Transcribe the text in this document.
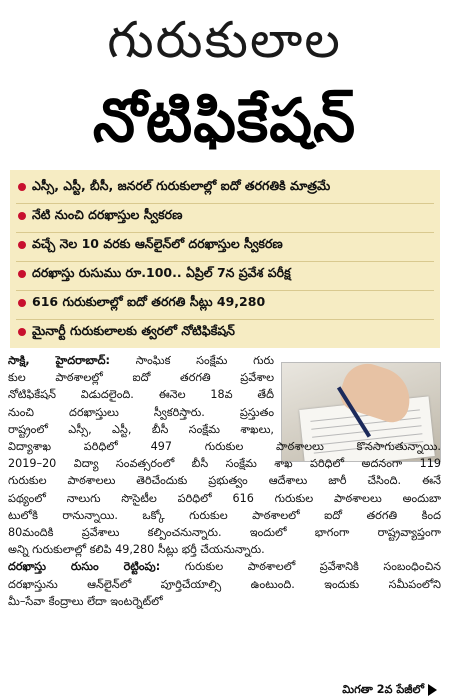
గురుకులాల
నోటిఫికేషన్
ఎస్సీ, ఎస్టీ, బీసీ, జనరల్ గురుకులాల్లో ఐదో తరగతికి మాత్రమే
నేటి నుంచి దరఖాస్తుల స్వీకరణ
వచ్చే నెల 10 వరకు ఆన్‌లైన్‌లో దరఖాస్తుల స్వీకరణ
దరఖాస్తు రుసుము రూ.100.. ఏప్రిల్ 7న ప్రవేశ పరీక్ష
616 గురుకులాల్లో ఐదో తరగతి సీట్లు 49,280
మైనార్టీ గురుకులాలకు త్వరలో నోటిఫికేషన్
సాక్షి, హైదరాబాద్: సాంఘిక సంక్షేమ గురు
కుల పాఠశాలల్లో ఐదో తరగతి ప్రవేశాల
నోటిఫికేషన్ విడుదలైంది. ఈనెల 18వ తేదీ
నుంచి దరఖాస్తులు స్వీకరిస్తారు. ప్రస్తుతం
రాష్ట్రంలో ఎస్సీ, ఎస్టీ, బీసీ సంక్షేమ శాఖలు,
విద్యాశాఖ పరిధిలో 497 గురుకుల పాఠశాలలు కొనసాగుతున్నాయి.
2019–20 విద్యా సంవత్సరంలో బీసీ సంక్షేమ శాఖ పరిధిలో అదనంగా 119
గురుకుల పాఠశాలలు తెరిచేందుకు ప్రభుత్వం ఆదేశాలు జారీ చేసింది. ఈనే
పథ్యంలో నాలుగు సొసైటీల పరిధిలో 616 గురుకుల పాఠశాలలు అందుబా
టులోకి రానున్నాయి. ఒక్కో గురుకుల పాఠశాలలో ఐదో తరగతి కింద
80మందికి ప్రవేశాలు కల్పించనున్నారు. ఇందులో భాగంగా రాష్ట్రవ్యాప్తంగా
అన్ని గురుకులాల్లో కలిపి 49,280 సీట్లు భర్తీ చేయనున్నారు.
దరఖాస్తు రుసుం రెట్టింపు: గురుకుల పాఠశాలలో ప్రవేశానికి సంబంధించిన
దరఖాస్తును ఆన్‌లైన్‌లో పూర్తిచేయాల్సి ఉంటుంది. ఇందుకు సమీపంలోని
మీ–సేవా కేంద్రాలు లేదా ఇంటర్నెట్‌లో
మిగతా 2వ పేజీలో
